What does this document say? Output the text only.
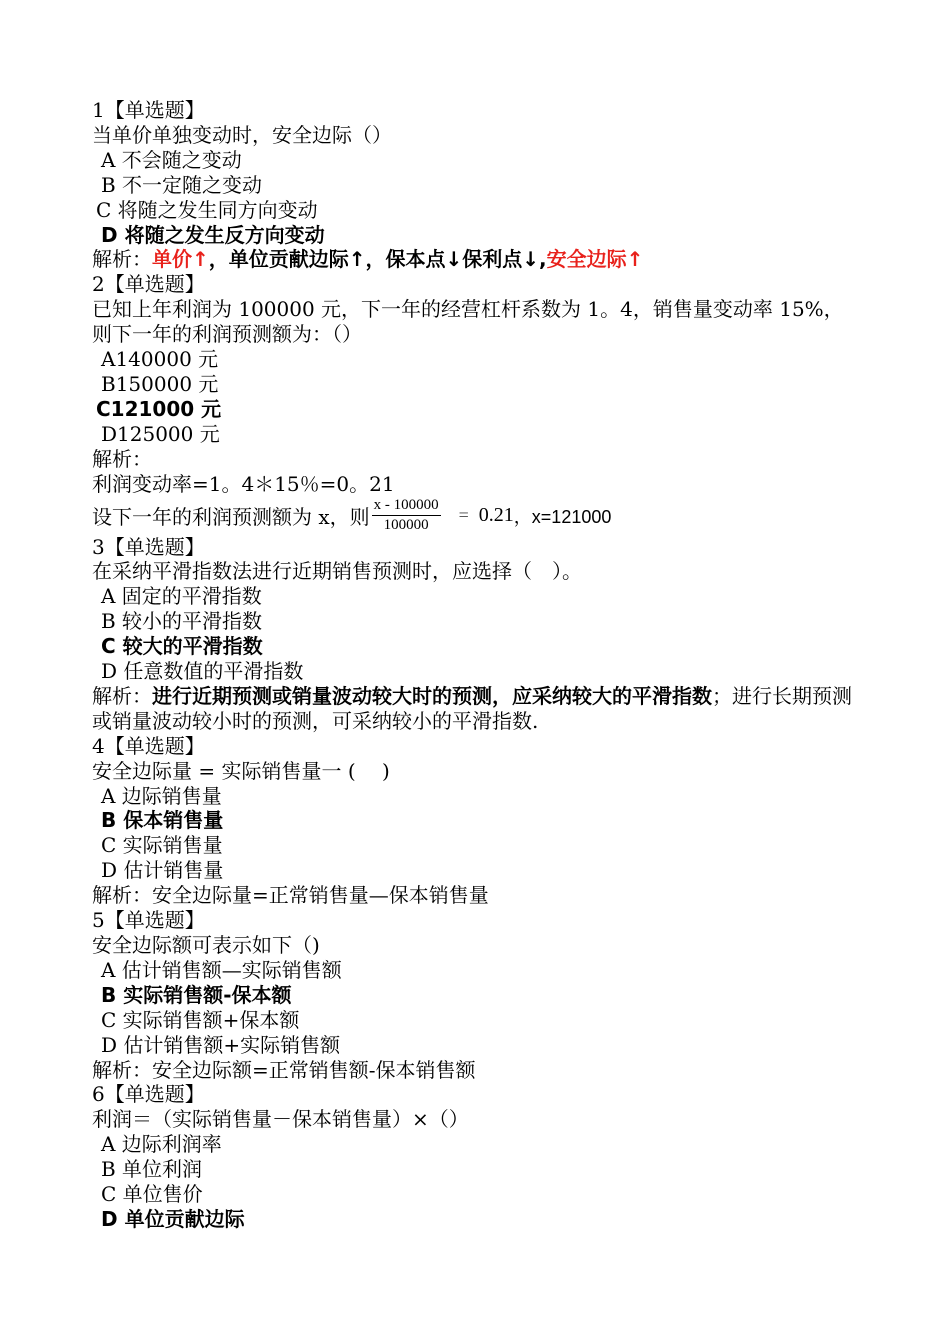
1【单选题】
当单价单独变动时，安全边际（）
A 不会随之变动
B 不一定随之变动
C 将随之发生同方向变动
D 将随之发生反方向变动
解析：单价↑，单位贡献边际↑，保本点↓保利点↓,安全边际↑
2【单选题】
已知上年利润为 100000 元，下一年的经营杠杆系数为 1。4，销售量变动率 15%，则下一年的利润预测额为：（）
A140000 元
B150000 元
C121000 元
D125000 元
解析：
利润变动率=1。4＊15％=0。21
设下一年的利润预测额为 x，则 $\frac{x - 100000}{100000} = 0.21$ ，x=121000
3【单选题】
在采纳平滑指数法进行近期销售预测时，应选择（　）。
A 固定的平滑指数
B 较小的平滑指数
C 较大的平滑指数
D 任意数值的平滑指数
解析：进行近期预测或销量波动较大时的预测，应采纳较大的平滑指数；进行长期预测或销量波动较小时的预测，可采纳较小的平滑指数.
4【单选题】
安全边际量 = 实际销售量一 (　 )
A 边际销售量
B 保本销售量
C 实际销售量
D 估计销售量
解析：安全边际量=正常销售量—保本销售量
5【单选题】
安全边际额可表示如下（)
A 估计销售额—实际销售额
B 实际销售额-保本额
C 实际销售额+保本额
D 估计销售额+实际销售额
解析：安全边际额=正常销售额-保本销售额
6【单选题】
利润＝（实际销售量－保本销售量）×（）
A 边际利润率
B 单位利润
C 单位售价
D 单位贡献边际
